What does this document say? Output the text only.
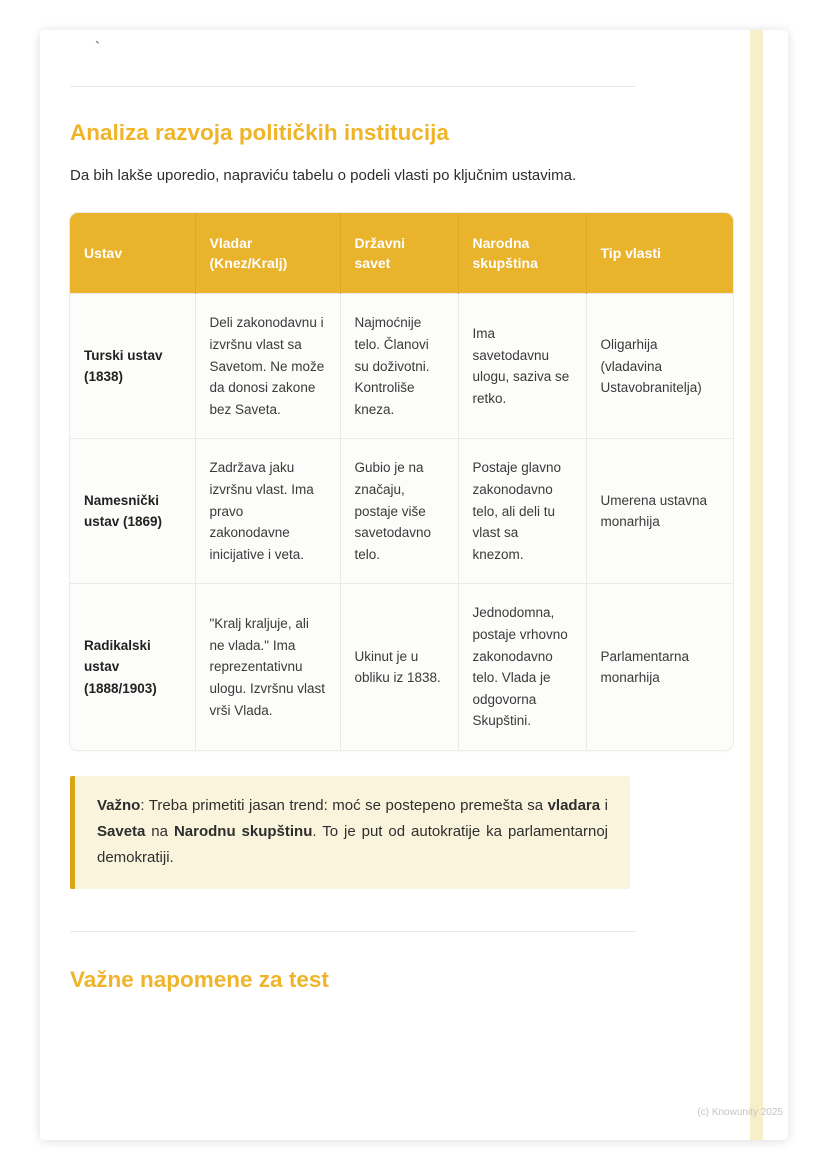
`
Analiza razvoja političkih institucija

Da bih lakše uporedio, napraviću tabelu o podeli vlasti po ključnim ustavima.

Ustav	Vladar (Knez/Kralj)	Državni savet	Narodna skupština	Tip vlasti
Turski ustav (1838)	Deli zakonodavnu i izvršnu vlast sa Savetom. Ne može da donosi zakone bez Saveta.	Najmoćnije telo. Članovi su doživotni. Kontroliše kneza.	Ima savetodavnu ulogu, saziva se retko.	Oligarhija (vladavina Ustavobranitelja)
Namesnički ustav (1869)	Zadržava jaku izvršnu vlast. Ima pravo zakonodavne inicijative i veta.	Gubio je na značaju, postaje više savetodavno telo.	Postaje glavno zakonodavno telo, ali deli tu vlast sa knezom.	Umerena ustavna monarhija
Radikalski ustav (1888/1903)	"Kralj kraljuje, ali ne vlada." Ima reprezentativnu ulogu. Izvršnu vlast vrši Vlada.	Ukinut je u obliku iz 1838.	Jednodomna, postaje vrhovno zakonodavno telo. Vlada je odgovorna Skupštini.	Parlamentarna monarhija

Važno: Treba primetiti jasan trend: moć se postepeno premešta sa vladara i Saveta na Narodnu skupštinu. To je put od autokratije ka parlamentarnoj demokratiji.

Važne napomene za test
(c) Knowunity 2025
